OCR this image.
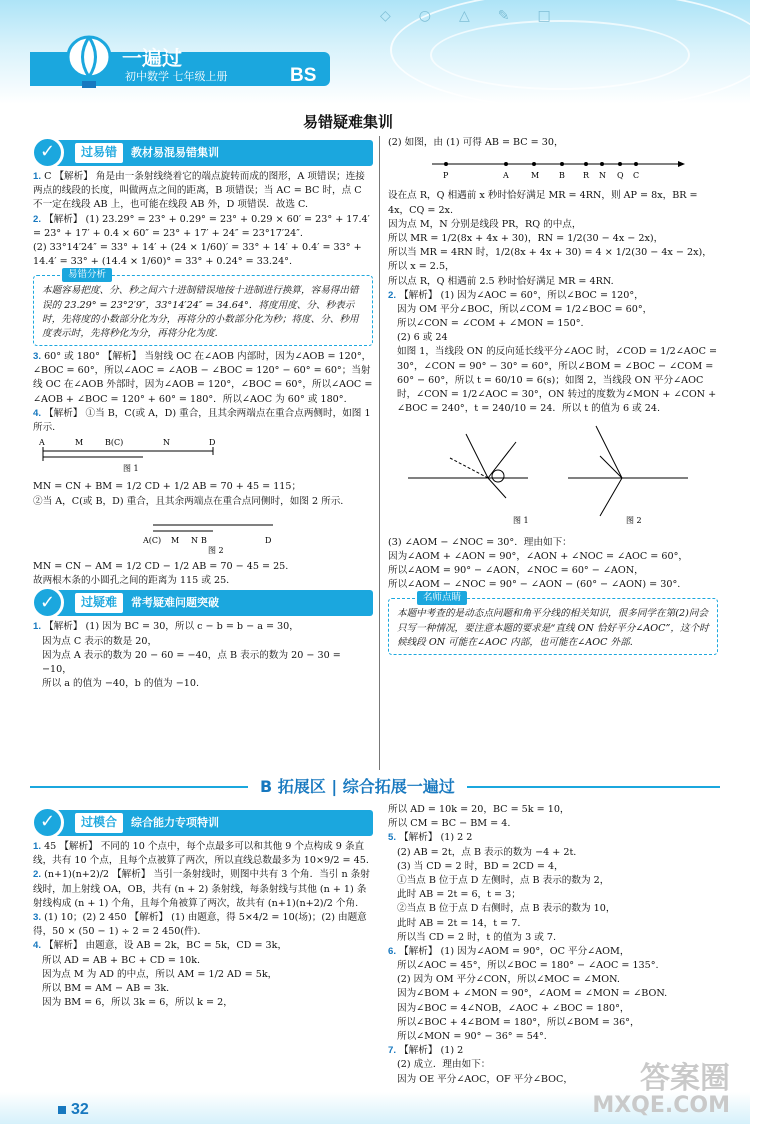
◇○△✎□
一遍过
初中数学 七年级上册	BS
易错疑难集训
✓	过易错	教材易混易错集训

1. C 【解析】 角是由一条射线绕着它的端点旋转而成的图形，A 项错误；连接两点的线段的长度，叫做两点之间的距离，B 项错误；当 AC = BC 时，点 C 不一定在线段 AB 上，也可能在线段 AB 外，D 项错误．故选 C.

2. 【解析】 (1) 23.29° = 23° + 0.29° = 23° + 0.29 × 60′ = 23° + 17.4′ = 23° + 17′ + 0.4 × 60″ = 23° + 17′ + 24″ = 23°17′24″.

(2) 33°14′24″ = 33° + 14′ + (24 × 1/60)′ = 33° + 14′ + 0.4′ = 33° + 14.4′ = 33° + (14.4 × 1/60)° = 33° + 0.24° = 33.24°.

易错分析

本题容易把度、分、秒之间六十进制错误地按十进制进行换算，容易得出错误的 23.29° = 23°2′9″，33°14′24″ = 34.64°．将度用度、分、秒表示时，先将度的小数部分化为分，再将分的小数部分化为秒；将度、分、秒用度表示时，先将秒化为分，再将分化为度.

3. 60° 或 180° 【解析】 当射线 OC 在∠AOB 内部时，因为∠AOB = 120°，∠BOC = 60°，所以∠AOC = ∠AOB − ∠BOC = 120° − 60° = 60°；当射线 OC 在∠AOB 外部时，因为∠AOB = 120°，∠BOC = 60°，所以∠AOC = ∠AOB + ∠BOC = 120° + 60° = 180°．所以∠AOC 为 60° 或 180°.

4. 【解析】 ①当 B，C(或 A，D) 重合，且其余两端点在重合点两侧时，如图 1 所示.

A	M	B(C)	N	D
图 1

MN = CN + BM = 1/2 CD + 1/2 AB = 70 + 45 = 115；

②当 A，C(或 B，D) 重合，且其余两端点在重合点同侧时，如图 2 所示.

A(C) M N B	D
图 2

MN = CN − AM = 1/2 CD − 1/2 AB = 70 − 45 = 25.

故两根木条的小圆孔之间的距离为 115 或 25.

✓	过疑难	常考疑难问题突破

1. 【解析】 (1) 因为 BC = 30，所以 c − b = b − a = 30，

因为点 C 表示的数是 20，

因为点 A 表示的数为 20 − 60 = −40，点 B 表示的数为 20 − 30 = −10，

所以 a 的值为 −40，b 的值为 −10.

(2) 如图，由 (1) 可得 AB = BC = 30，

P	A	M B R N Q C

设在点 R，Q 相遇前 x 秒时恰好满足 MR = 4RN，则 AP = 8x，BR = 4x，CQ = 2x.

因为点 M，N 分别是线段 PR，RQ 的中点，

所以 MR = 1/2(8x + 4x + 30)，RN = 1/2(30 − 4x − 2x)，

所以当 MR = 4RN 时，1/2(8x + 4x + 30) = 4 × 1/2(30 − 4x − 2x)，

所以 x = 2.5，

所以点 R，Q 相遇前 2.5 秒时恰好满足 MR = 4RN.

2. 【解析】 (1) 因为∠AOC = 60°，所以∠BOC = 120°，

因为 OM 平分∠BOC，所以∠COM = 1/2∠BOC = 60°，

所以∠CON = ∠COM + ∠MON = 150°.

(2) 6 或 24

如图 1，当线段 ON 的反向延长线平分∠AOC 时，∠COD = 1/2∠AOC = 30°，∠CON = 90° − 30° = 60°，所以∠BOM = ∠BOC − ∠COM = 60° − 60°，所以 t = 60/10 = 6(s)；如图 2，当线段 ON 平分∠AOC 时，∠CON = 1/2∠AOC = 30°，ON 转过的度数为∠MON + ∠CON + ∠BOC = 240°，t = 240/10 = 24．所以 t 的值为 6 或 24.

图 1	图 2

(3) ∠AOM − ∠NOC = 30°．理由如下：

因为∠AOM + ∠AON = 90°，∠AON + ∠NOC = ∠AOC = 60°，

所以∠AOM = 90° − ∠AON，∠NOC = 60° − ∠AON，

所以∠AOM − ∠NOC = 90° − ∠AON − (60° − ∠AON) = 30°.

名师点睛

本题中考查的是动态点问题和角平分线的相关知识，很多同学在第(2)问会只写一种情况，要注意本题的要求是“直线 ON 恰好平分∠AOC”，这个时候线段 ON 可能在∠AOC 内部，也可能在∠AOC 外部.

B 拓展区 | 综合拓展一遍过
✓	过模合	综合能力专项特训

1. 45 【解析】 不同的 10 个点中，每个点最多可以和其他 9 个点构成 9 条直线，共有 10 个点，且每个点被算了两次，所以直线总数最多为 10×9/2 = 45.

2. (n+1)(n+2)/2 【解析】 当引一条射线时，则图中共有 3 个角．当引 n 条射线时，加上射线 OA，OB，共有 (n + 2) 条射线，每条射线与其他 (n + 1) 条射线构成 (n + 1) 个角，且每个角被算了两次，故共有 (n+1)(n+2)/2 个角.

3. (1) 10；(2) 2 450 【解析】 (1) 由题意，得 5×4/2 = 10(场)；(2) 由题意得，50 × (50 − 1) ÷ 2 = 2 450(件).

4. 【解析】 由题意，设 AB = 2k，BC = 5k，CD = 3k，

所以 AD = AB + BC + CD = 10k.

因为点 M 为 AD 的中点，所以 AM = 1/2 AD = 5k，

所以 BM = AM − AB = 3k.

因为 BM = 6，所以 3k = 6，所以 k = 2，

所以 AD = 10k = 20，BC = 5k = 10，

所以 CM = BC − BM = 4.

5. 【解析】 (1) 2 2

(2) AB = 2t，点 B 表示的数为 −4 + 2t.

(3) 当 CD = 2 时，BD = 2CD = 4，

①当点 B 位于点 D 左侧时，点 B 表示的数为 2，

此时 AB = 2t = 6，t = 3；

②当点 B 位于点 D 右侧时，点 B 表示的数为 10，

此时 AB = 2t = 14，t = 7.

所以当 CD = 2 时，t 的值为 3 或 7.

6. 【解析】 (1) 因为∠AOM = 90°，OC 平分∠AOM，

所以∠AOC = 45°，所以∠BOC = 180° − ∠AOC = 135°.

(2) 因为 OM 平分∠CON，所以∠MOC = ∠MON.

因为∠BOM + ∠MON = 90°，∠AOM = ∠MON = ∠BON.

因为∠BOC = 4∠NOB，∠AOC + ∠BOC = 180°，

所以∠BOC + 4∠BOM = 180°，所以∠BOM = 36°，

所以∠MON = 90° − 36° = 54°.

7. 【解析】 (1) 2

(2) 成立．理由如下：

因为 OE 平分∠AOC，OF 平分∠BOC，

32
答案圈
MXQE.COM
